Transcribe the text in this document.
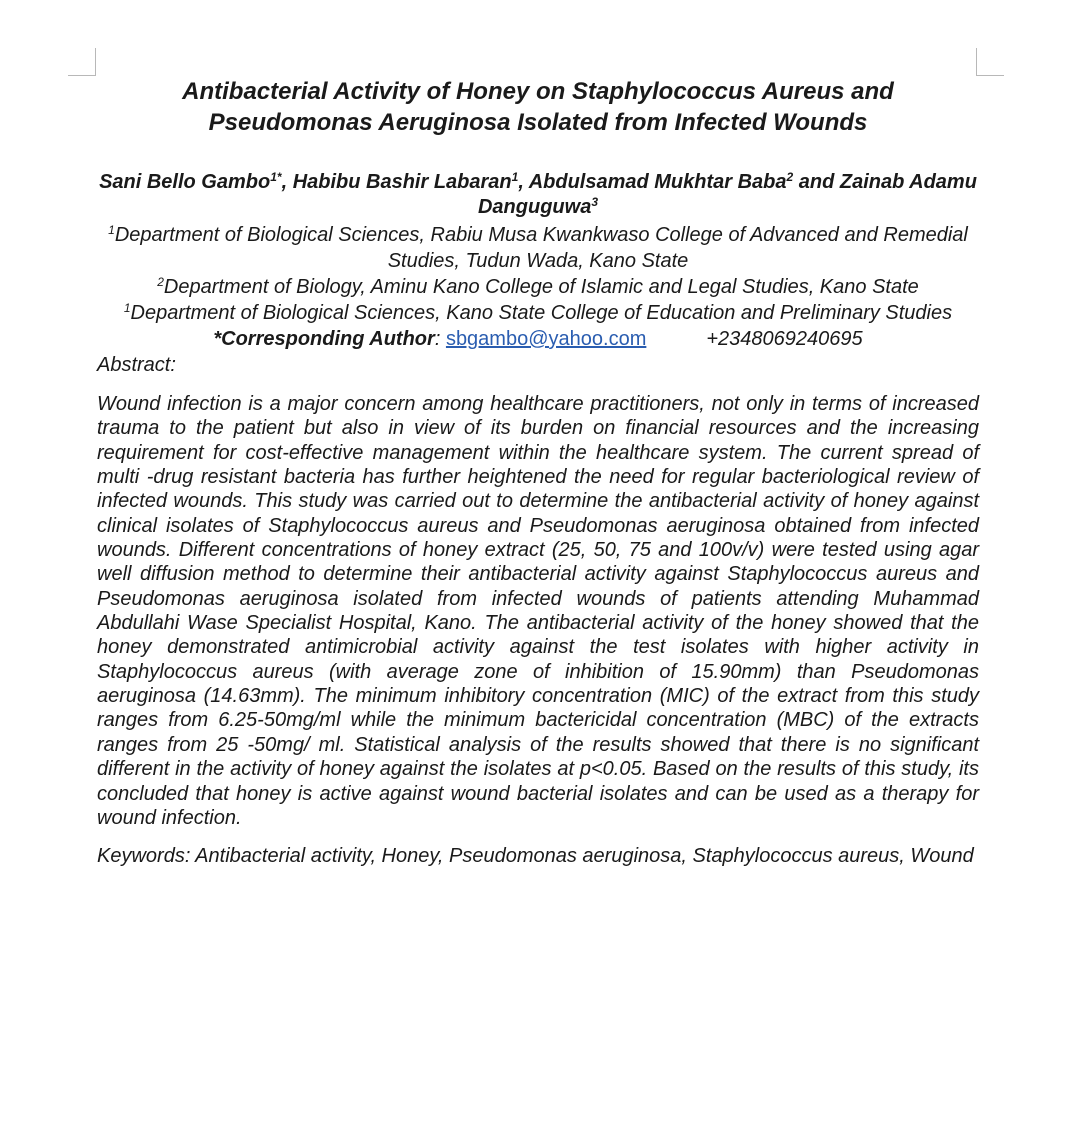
Antibacterial Activity of Honey on Staphylococcus Aureus and Pseudomonas Aeruginosa Isolated from Infected Wounds

Sani Bello Gambo$^{1*}$, Habibu Bashir Labaran$^1$, Abdulsamad Mukhtar Baba$^2$ and Zainab Adamu Danguguwa$^3$

$^1$Department of Biological Sciences, Rabiu Musa Kwankwaso College of Advanced and Remedial Studies, Tudun Wada, Kano State

$^2$Department of Biology, Aminu Kano College of Islamic and Legal Studies, Kano State

$^1$Department of Biological Sciences, Kano State College of Education and Preliminary Studies

*Corresponding Author: sbgambo@yahoo.com	+2348069240695

Abstract:

Wound infection is a major concern among healthcare practitioners, not only in terms of increased trauma to the patient but also in view of its burden on financial resources and the increasing requirement for cost-effective management within the healthcare system. The current spread of multi -drug resistant bacteria has further heightened the need for regular bacteriological review of infected wounds. This study was carried out to determine the antibacterial activity of honey against clinical isolates of Staphylococcus aureus and Pseudomonas aeruginosa obtained from infected wounds. Different concentrations of honey extract (25, 50, 75 and 100v/v) were tested using agar well diffusion method to determine their antibacterial activity against Staphylococcus aureus and Pseudomonas aeruginosa isolated from infected wounds of patients attending Muhammad Abdullahi Wase Specialist Hospital, Kano. The antibacterial activity of the honey showed that the honey demonstrated antimicrobial activity against the test isolates with higher activity in Staphylococcus aureus (with average zone of inhibition of 15.90mm) than Pseudomonas aeruginosa (14.63mm). The minimum inhibitory concentration (MIC) of the extract from this study ranges from 6.25-50mg/ml while the minimum bactericidal concentration (MBC) of the extracts ranges from 25 -50mg/ ml. Statistical analysis of the results showed that there is no significant different in the activity of honey against the isolates at p<0.05. Based on the results of this study, its concluded that honey is active against wound bacterial isolates and can be used as a therapy for wound infection.

Keywords: Antibacterial activity, Honey, Pseudomonas aeruginosa, Staphylococcus aureus, Wound
